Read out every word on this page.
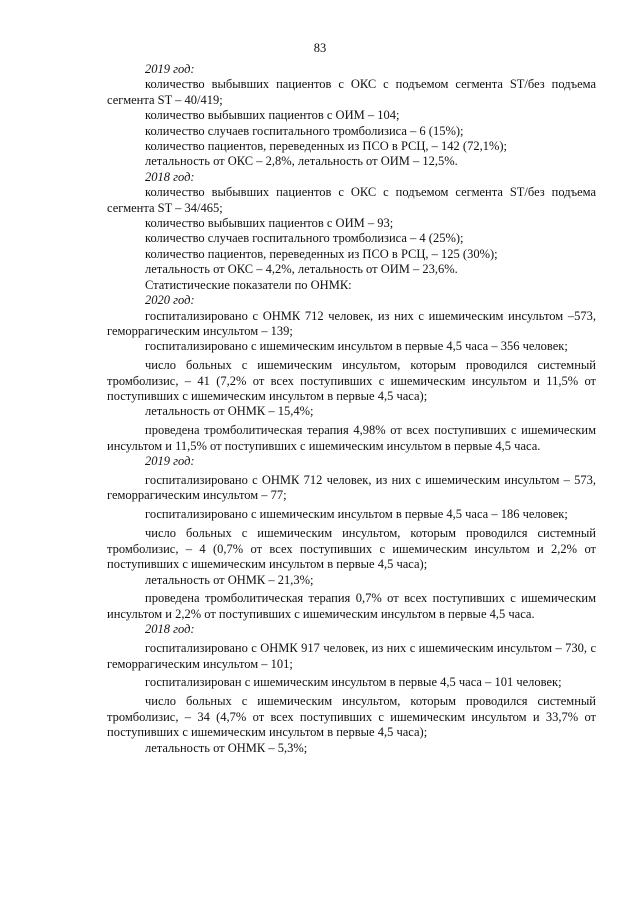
83

2019 год:

количество выбывших пациентов с ОКС с подъемом сегмента ST/без подъема сегмента ST – 40/419;

количество выбывших пациентов с ОИМ – 104;

количество случаев госпитального тромболизиса – 6 (15%);

количество пациентов, переведенных из ПСО в РСЦ, – 142 (72,1%);

летальность от ОКС – 2,8%, летальность от ОИМ – 12,5%.

2018 год:

количество выбывших пациентов с ОКС с подъемом сегмента ST/без подъема сегмента ST – 34/465;

количество выбывших пациентов с ОИМ – 93;

количество случаев госпитального тромболизиса – 4 (25%);

количество пациентов, переведенных из ПСО в РСЦ, – 125 (30%);

летальность от ОКС – 4,2%, летальность от ОИМ – 23,6%.

Статистические показатели по ОНМК:

2020 год:

госпитализировано с ОНМК 712 человек, из них с ишемическим инсультом –573, геморрагическим инсультом – 139;

госпитализировано с ишемическим инсультом в первые 4,5 часа – 356 человек;

число больных с ишемическим инсультом, которым проводился системный тромболизис, – 41 (7,2% от всех поступивших с ишемическим инсультом и 11,5% от поступивших с ишемическим инсультом в первые 4,5 часа);

летальность от ОНМК – 15,4%;

проведена тромболитическая терапия 4,98% от всех поступивших с ишемическим инсультом и 11,5% от поступивших с ишемическим инсультом в первые 4,5 часа.

2019 год:

госпитализировано с ОНМК 712 человек, из них с ишемическим инсультом – 573, геморрагическим инсультом – 77;

госпитализировано с ишемическим инсультом в первые 4,5 часа – 186 человек;

число больных с ишемическим инсультом, которым проводился системный тромболизис, – 4 (0,7% от всех поступивших с ишемическим инсультом и 2,2% от поступивших с ишемическим инсультом в первые 4,5 часа);

летальность от ОНМК – 21,3%;

проведена тромболитическая терапия 0,7% от всех поступивших с ишемическим инсультом и 2,2% от поступивших с ишемическим инсультом в первые 4,5 часа.

2018 год:

госпитализировано с ОНМК 917 человек, из них с ишемическим инсультом – 730, с геморрагическим инсультом – 101;

госпитализирован с ишемическим инсультом в первые 4,5 часа – 101 человек;

число больных с ишемическим инсультом, которым проводился системный тромболизис, – 34 (4,7% от всех поступивших с ишемическим инсультом и 33,7% от поступивших с ишемическим инсультом в первые 4,5 часа);

летальность от ОНМК – 5,3%;
